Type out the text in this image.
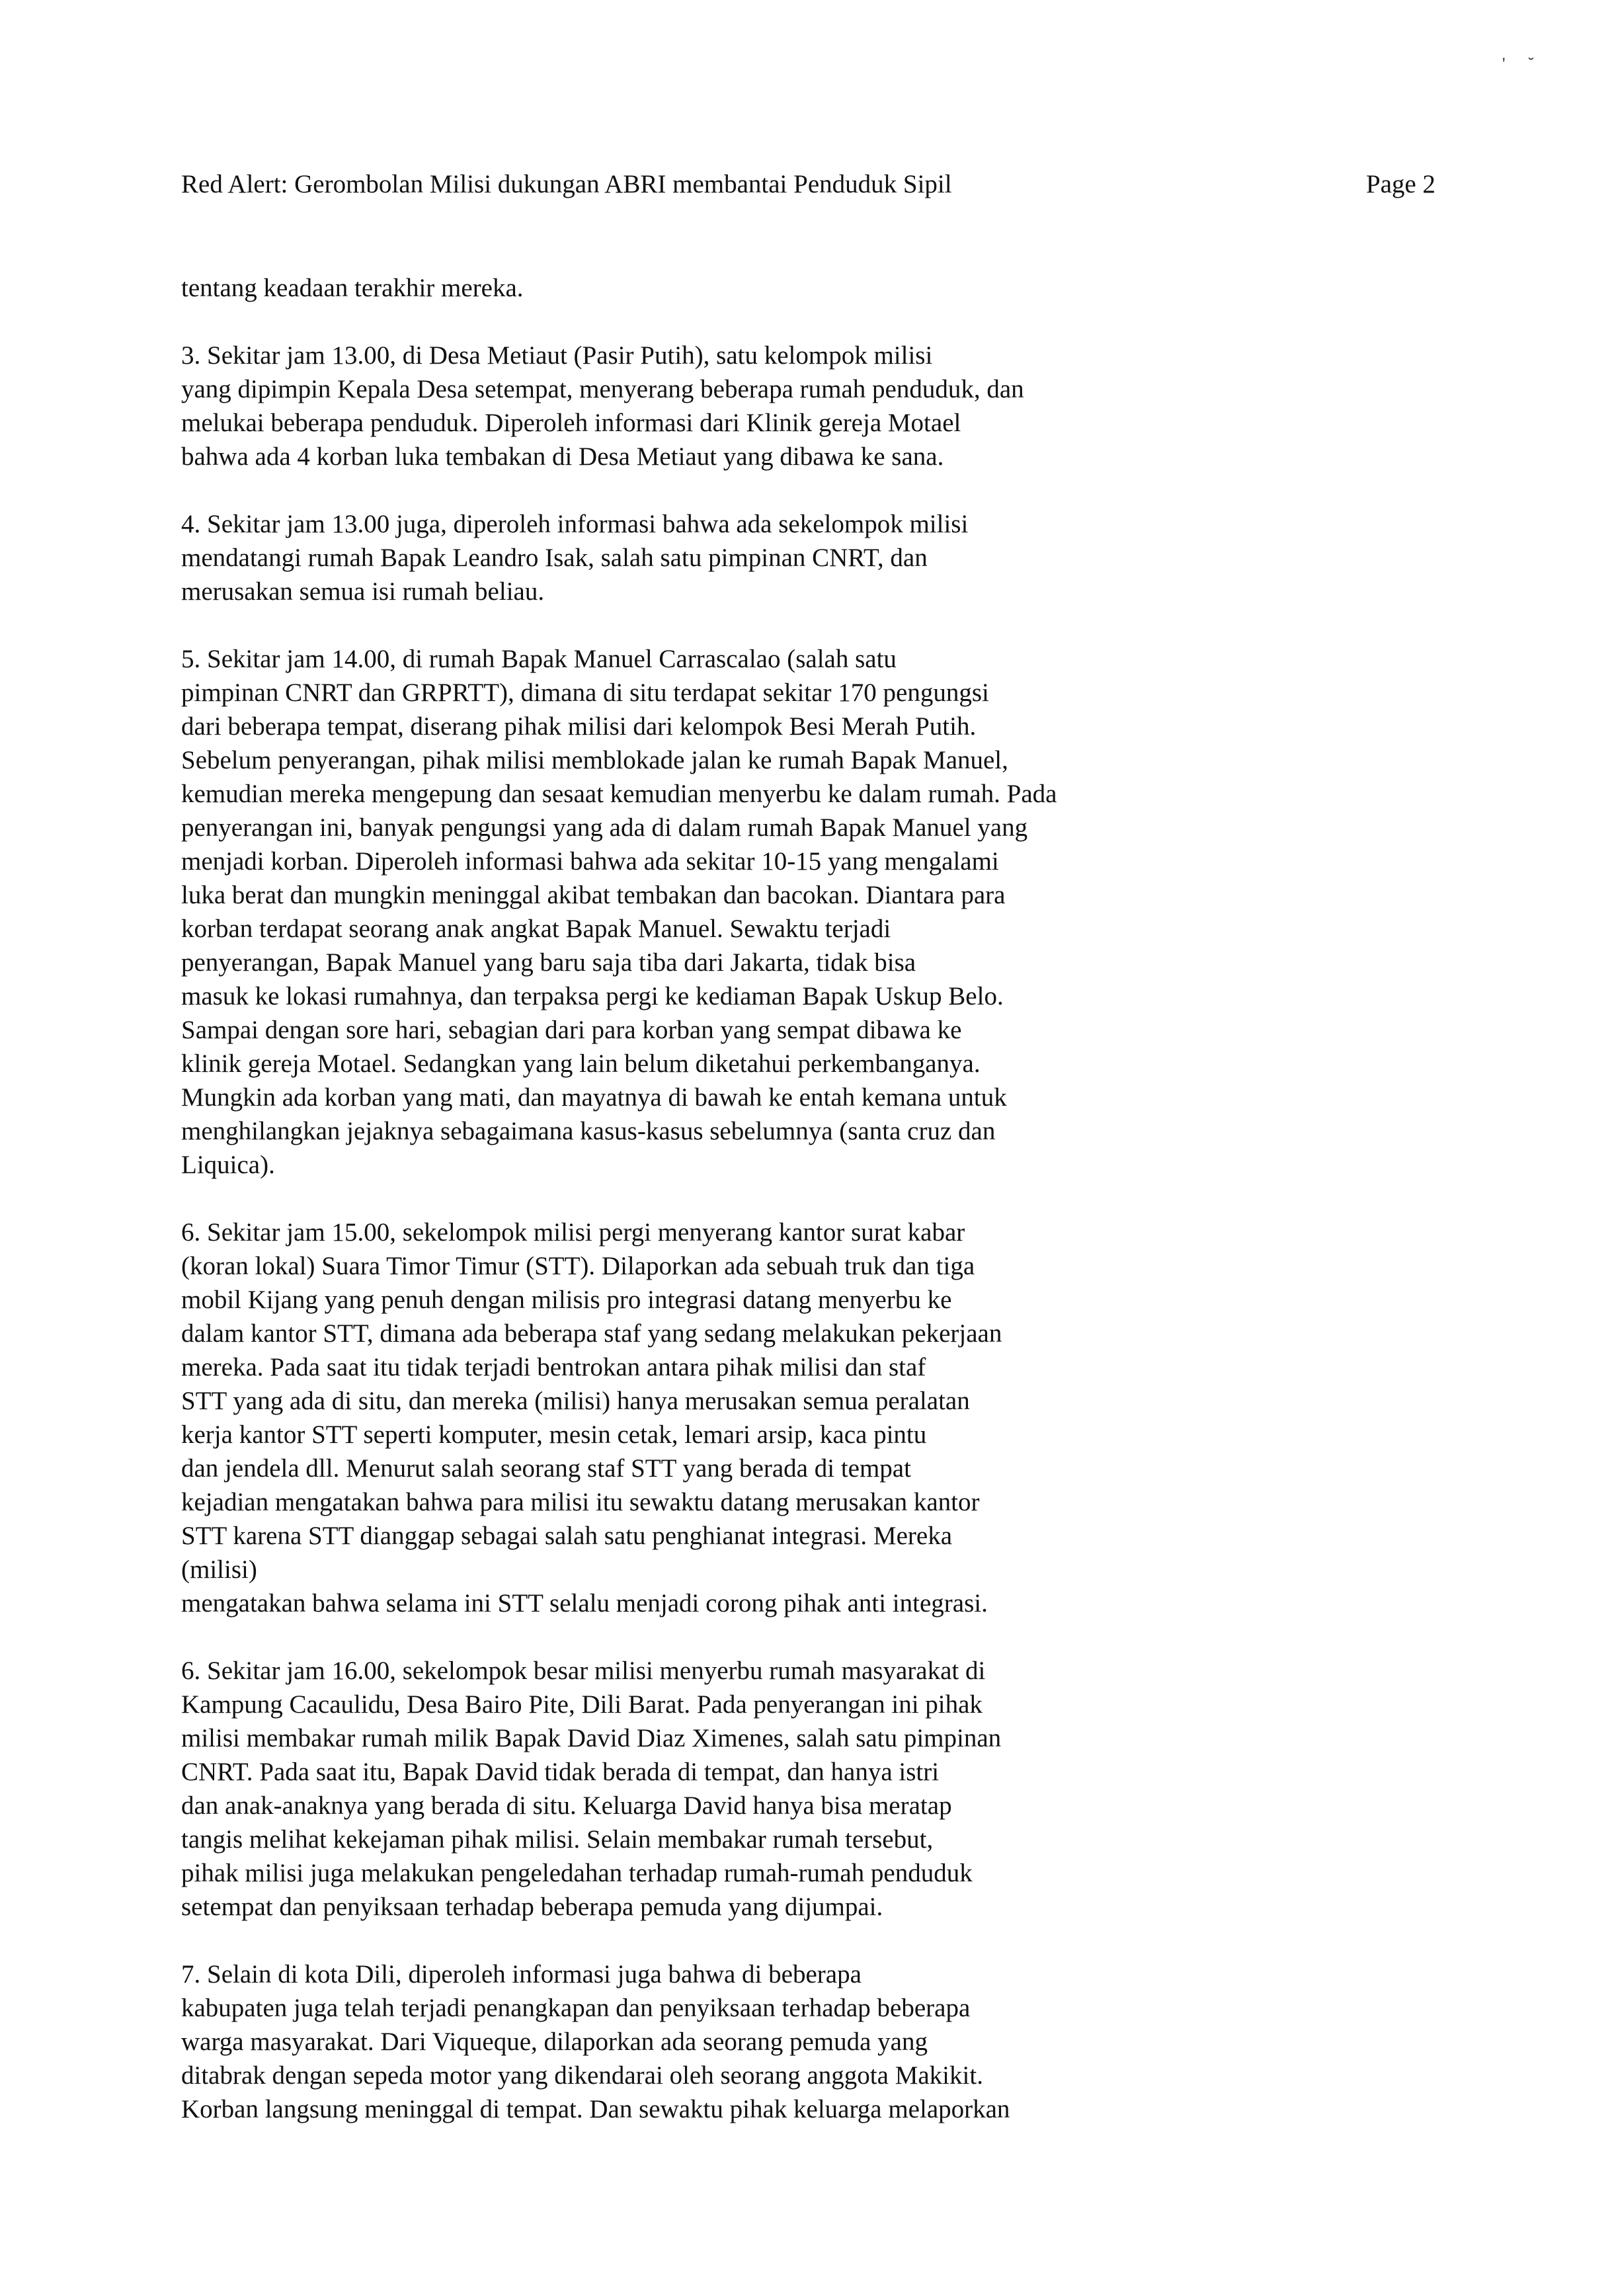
' ˘
Red Alert: Gerombolan Milisi dukungan ABRI membantai Penduduk Sipil	Page 2
tentang keadaan terakhir mereka.
3. Sekitar jam 13.00, di Desa Metiaut (Pasir Putih), satu kelompok milisi
yang dipimpin Kepala Desa setempat, menyerang beberapa rumah penduduk, dan
melukai beberapa penduduk. Diperoleh informasi dari Klinik gereja Motael
bahwa ada 4 korban luka tembakan di Desa Metiaut yang dibawa ke sana.
4. Sekitar jam 13.00 juga, diperoleh informasi bahwa ada sekelompok milisi
mendatangi rumah Bapak Leandro Isak, salah satu pimpinan CNRT, dan
merusakan semua isi rumah beliau.
5. Sekitar jam 14.00, di rumah Bapak Manuel Carrascalao (salah satu
pimpinan CNRT dan GRPRTT), dimana di situ terdapat sekitar 170 pengungsi
dari beberapa tempat, diserang pihak milisi dari kelompok Besi Merah Putih.
Sebelum penyerangan, pihak milisi memblokade jalan ke rumah Bapak Manuel,
kemudian mereka mengepung dan sesaat kemudian menyerbu ke dalam rumah. Pada
penyerangan ini, banyak pengungsi yang ada di dalam rumah Bapak Manuel yang
menjadi korban. Diperoleh informasi bahwa ada sekitar 10-15 yang mengalami
luka berat dan mungkin meninggal akibat tembakan dan bacokan. Diantara para
korban terdapat seorang anak angkat Bapak Manuel. Sewaktu terjadi
penyerangan, Bapak Manuel yang baru saja tiba dari Jakarta, tidak bisa
masuk ke lokasi rumahnya, dan terpaksa pergi ke kediaman Bapak Uskup Belo.
Sampai dengan sore hari, sebagian dari para korban yang sempat dibawa ke
klinik gereja Motael. Sedangkan yang lain belum diketahui perkembanganya.
Mungkin ada korban yang mati, dan mayatnya di bawah ke entah kemana untuk
menghilangkan jejaknya sebagaimana kasus-kasus sebelumnya (santa cruz dan
Liquica).
6. Sekitar jam 15.00, sekelompok milisi pergi menyerang kantor surat kabar
(koran lokal) Suara Timor Timur (STT). Dilaporkan ada sebuah truk dan tiga
mobil Kijang yang penuh dengan milisis pro integrasi datang menyerbu ke
dalam kantor STT, dimana ada beberapa staf yang sedang melakukan pekerjaan
mereka. Pada saat itu tidak terjadi bentrokan antara pihak milisi dan staf
STT yang ada di situ, dan mereka (milisi) hanya merusakan semua peralatan
kerja kantor STT seperti komputer, mesin cetak, lemari arsip, kaca pintu
dan jendela dll. Menurut salah seorang staf STT yang berada di tempat
kejadian mengatakan bahwa para milisi itu sewaktu datang merusakan kantor
STT karena STT dianggap sebagai salah satu penghianat integrasi. Mereka
(milisi)
mengatakan bahwa selama ini STT selalu menjadi corong pihak anti integrasi.
6. Sekitar jam 16.00, sekelompok besar milisi menyerbu rumah masyarakat di
Kampung Cacaulidu, Desa Bairo Pite, Dili Barat. Pada penyerangan ini pihak
milisi membakar rumah milik Bapak David Diaz Ximenes, salah satu pimpinan
CNRT. Pada saat itu, Bapak David tidak berada di tempat, dan hanya istri
dan anak-anaknya yang berada di situ. Keluarga David hanya bisa meratap
tangis melihat kekejaman pihak milisi. Selain membakar rumah tersebut,
pihak milisi juga melakukan pengeledahan terhadap rumah-rumah penduduk
setempat dan penyiksaan terhadap beberapa pemuda yang dijumpai.
7. Selain di kota Dili, diperoleh informasi juga bahwa di beberapa
kabupaten juga telah terjadi penangkapan dan penyiksaan terhadap beberapa
warga masyarakat. Dari Viqueque, dilaporkan ada seorang pemuda yang
ditabrak dengan sepeda motor yang dikendarai oleh seorang anggota Makikit.
Korban langsung meninggal di tempat. Dan sewaktu pihak keluarga melaporkan
